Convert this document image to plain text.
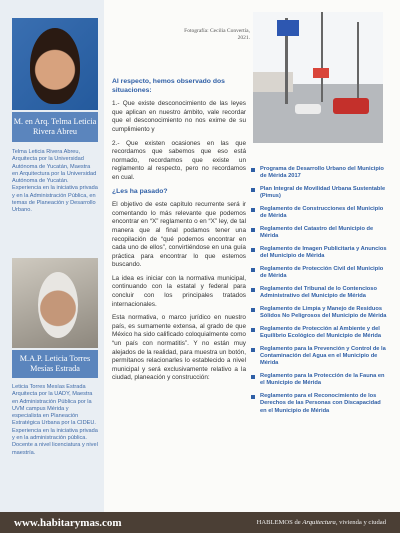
M. en Arq. Telma Leticia Rivera Abreu
Telma Leticia Rivera Abreu, Arquitecta por la Universidad Autónoma de Yucatán, Maestra en Arquitectura por la Universidad Autónoma de Yucatán. Experiencia en la iniciativa privada y en la Administración Pública, en temas de Planeación y Desarrollo Urbano.
M.A.P. Leticia Torres Mesías Estrada
Leticia Torres Mesías Estrada Arquitecta por la UADY, Maestra en Administración Pública por la UVM campus Mérida y especialista en Planeación Estratégica Urbana por la CIDEU. Experiencia en la iniciativa privada y en la administración pública. Docente a nivel licenciatura y nivel maestría.
Fotografía: Cecilia Convertía, 2021.
Al respecto, hemos observado dos situaciones:

1.- Que existe desconocimiento de las leyes que aplican en nuestro ámbito, vale recordar que el desconocimiento no nos exime de su cumplimiento y

2.- Que existen ocasiones en las que recordamos que sabemos que eso está normado, recordamos que existe un reglamento al respecto, pero no recordamos en cual.

¿Les ha pasado?

El objetivo de este capítulo recurrente será ir comentando lo más relevante que podemos encontrar en “X” reglamento o en “X” ley, de tal manera que al final podamos tener una recopilación de “qué podemos encontrar en cada uno de ellos”, convirtiéndose en una guía práctica para encontrar lo que estemos buscando.

La idea es iniciar con la normativa municipal, continuando con la estatal y federal para concluir con los principales tratados internacionales.

Esta normativa, o marco jurídico en nuestro país, es sumamente extensa, al grado de que México ha sido calificado coloquialmente como “un país con normatitis”. Y no están muy alejados de la realidad, para muestra un botón, permítanos relacionarles lo establecido a nivel municipal y será exclusivamente relativo a la ciudad, planeación y construcción:

Programa de Desarrollo Urbano del Municipio de Mérida 2017
Plan Integral de Movilidad Urbana Sustentable (Pimus)
Reglamento de Construcciones del Municipio de Mérida
Reglamento del Catastro del Municipio de Mérida
Reglamento de Imagen Publicitaria y Anuncios del Municipio de Mérida
Reglamento de Protección Civil del Municipio de Mérida
Reglamento del Tribunal de lo Contencioso Administrativo del Municipio de Mérida
Reglamento de Limpia y Manejo de Residuos Sólidos No Peligrosos del Municipio de Mérida
Reglamento de Protección al Ambiente y del Equilibrio Ecológico del Municipio de Mérida
Reglamento para la Prevención y Control de la Contaminación del Agua en el Municipio de Mérida
Reglamento para la Protección de la Fauna en el Municipio de Mérida
Reglamento para el Reconocimiento de los Derechos de las Personas con Discapacidad en el Municipio de Mérida
www.habitarymas.com	HABLEMOS de Arquitectura, vivienda y ciudad
